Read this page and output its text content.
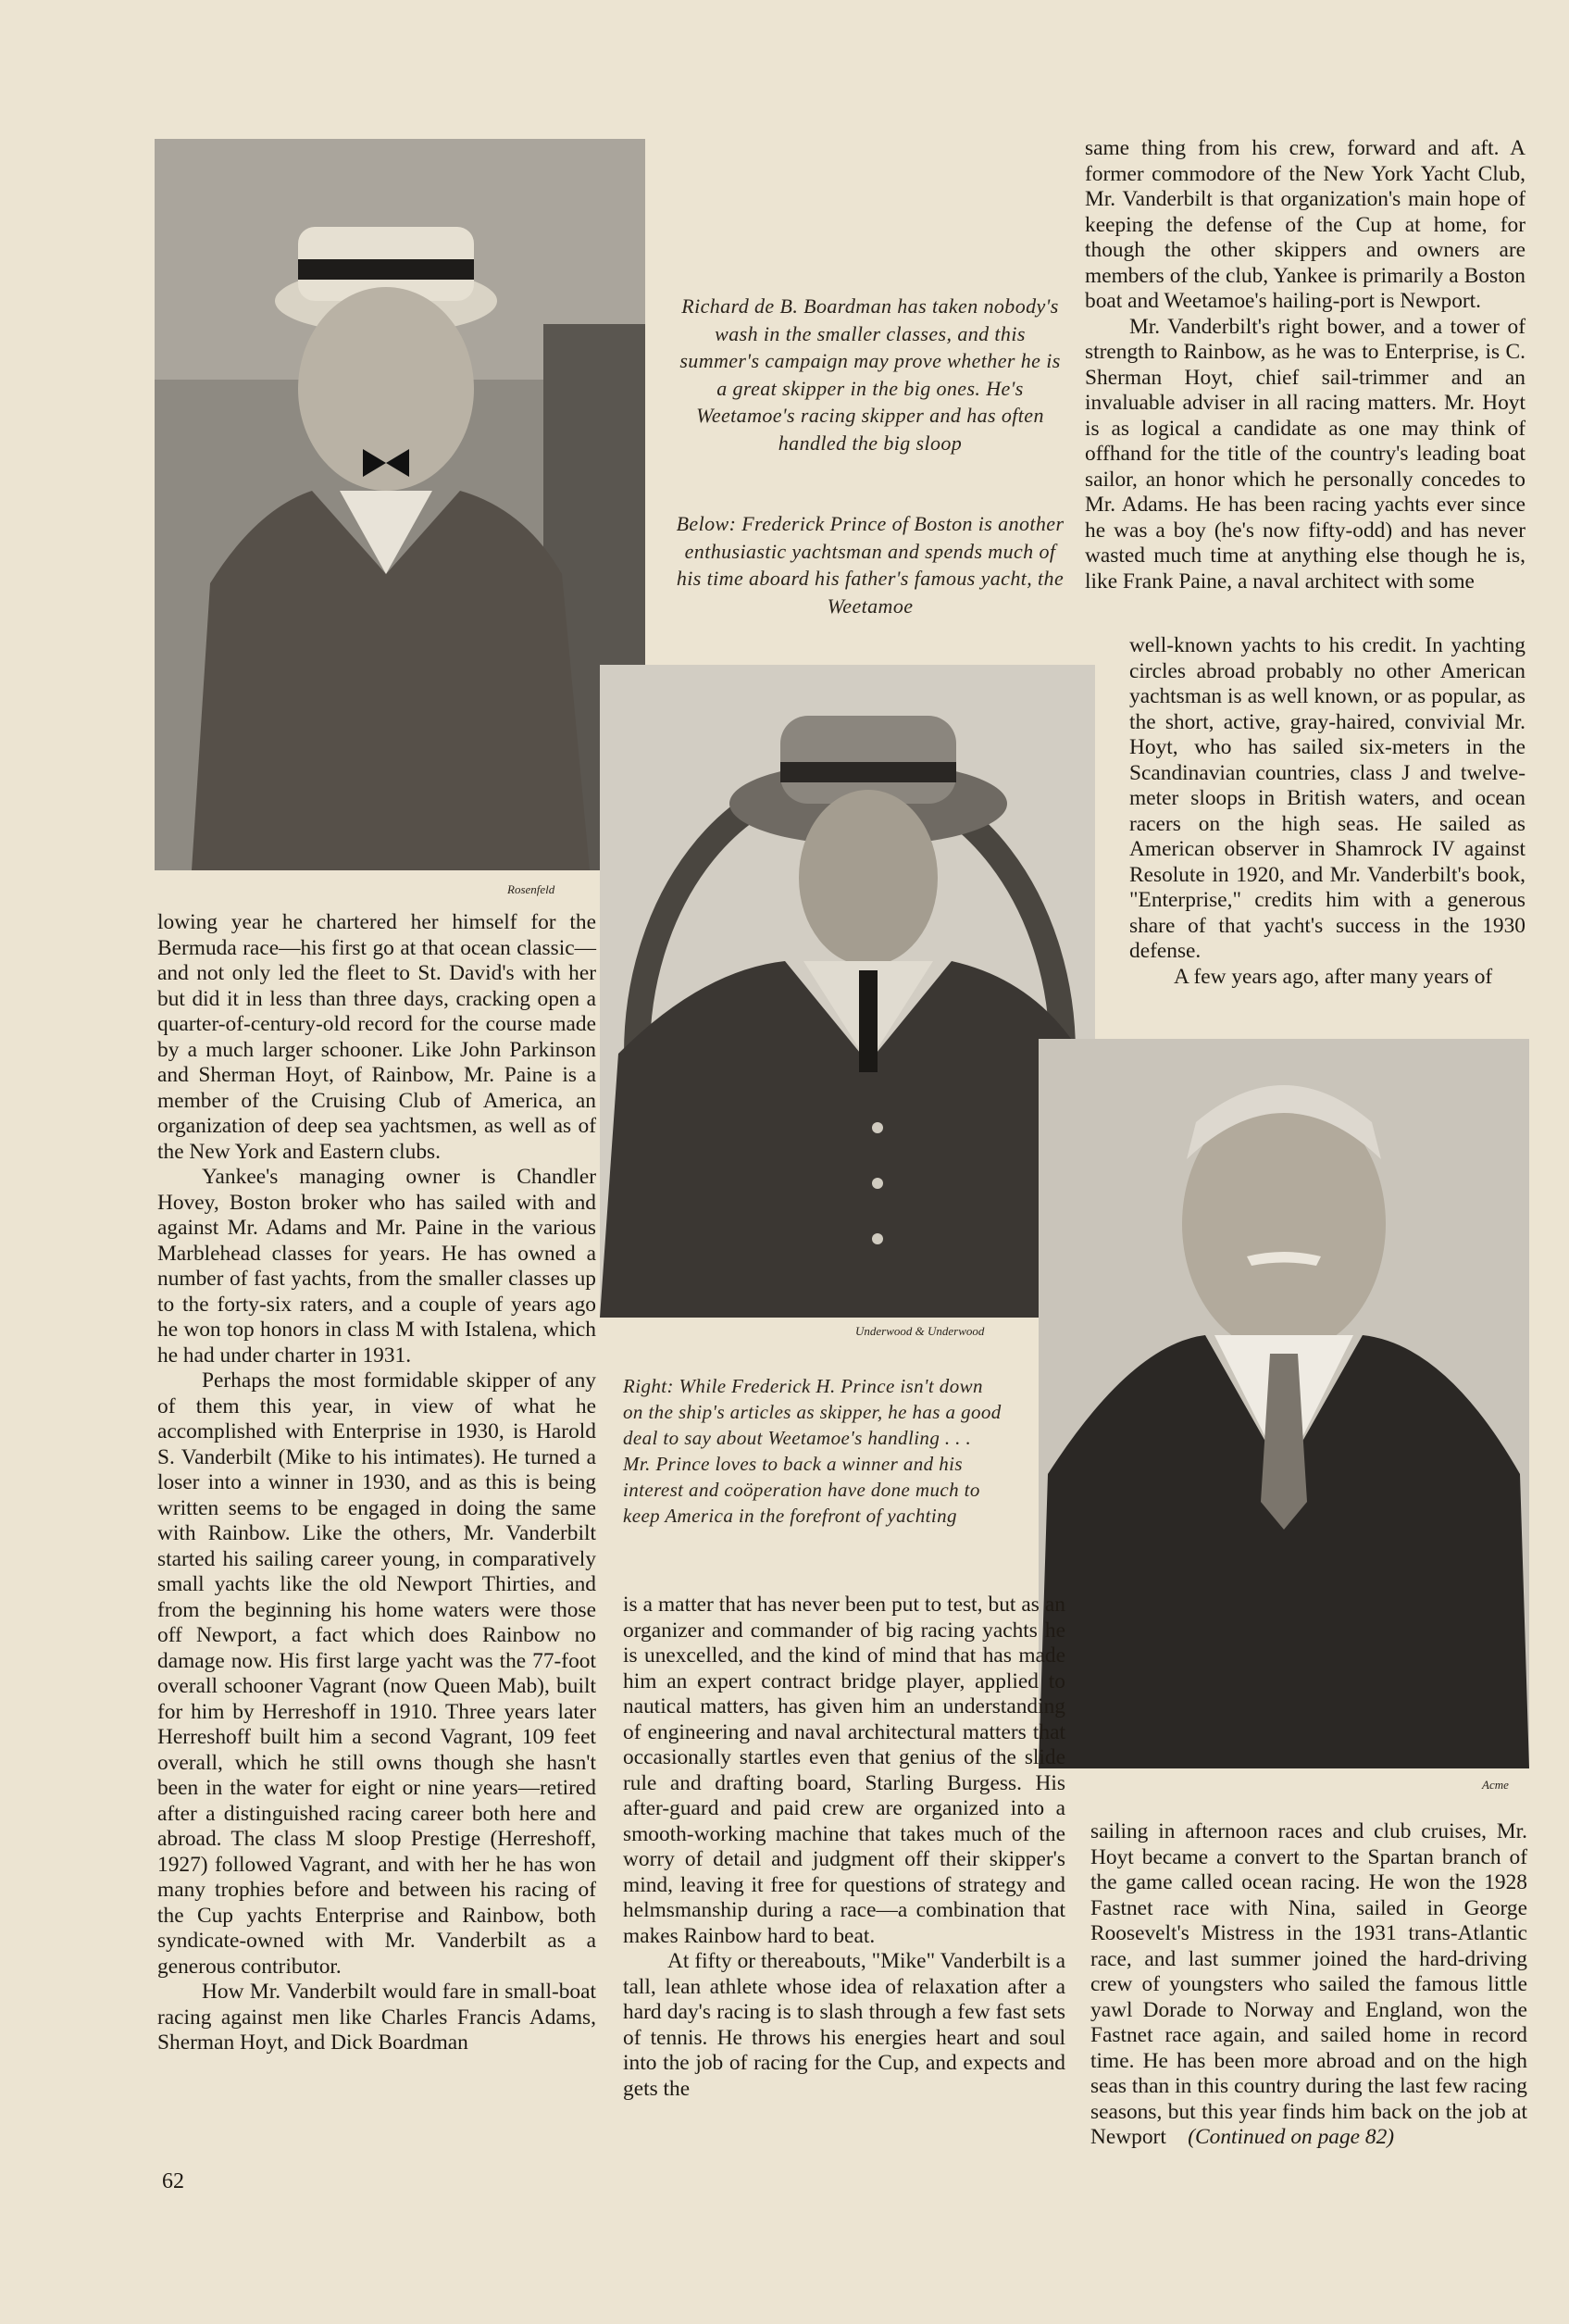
Rosenfeld
Richard de B. Boardman has taken nobody's wash in the smaller classes, and this summer's campaign may prove whether he is a great skipper in the big ones. He's Weetamoe's racing skipper and has often handled the big sloop
Below: Frederick Prince of Boston is another enthusiastic yachtsman and spends much of his time aboard his father's famous yacht, the Weetamoe
Underwood & Underwood
Right: While Frederick H. Prince isn't down on the ship's articles as skipper, he has a good deal to say about Weetamoe's handling . . . Mr. Prince loves to back a winner and his interest and coöperation have done much to keep America in the forefront of yachting
Acme

lowing year he chartered her himself for the Bermuda race—his first go at that ocean classic—and not only led the fleet to St. David's with her but did it in less than three days, cracking open a quarter-of-century-old record for the course made by a much larger schooner. Like John Parkinson and Sherman Hoyt, of Rainbow, Mr. Paine is a member of the Cruising Club of America, an organization of deep sea yachtsmen, as well as of the New York and Eastern clubs.

Yankee's managing owner is Chandler Hovey, Boston broker who has sailed with and against Mr. Adams and Mr. Paine in the various Marblehead classes for years. He has owned a number of fast yachts, from the smaller classes up to the forty-six raters, and a couple of years ago he won top honors in class M with Istalena, which he had under charter in 1931.

Perhaps the most formidable skipper of any of them this year, in view of what he accomplished with Enterprise in 1930, is Harold S. Vanderbilt (Mike to his intimates). He turned a loser into a winner in 1930, and as this is being written seems to be engaged in doing the same with Rainbow. Like the others, Mr. Vanderbilt started his sailing career young, in comparatively small yachts like the old Newport Thirties, and from the beginning his home waters were those off Newport, a fact which does Rainbow no damage now. His first large yacht was the 77-foot overall schooner Vagrant (now Queen Mab), built for him by Herreshoff in 1910. Three years later Herreshoff built him a second Vagrant, 109 feet overall, which he still owns though she hasn't been in the water for eight or nine years—retired after a distinguished racing career both here and abroad. The class M sloop Prestige (Herreshoff, 1927) followed Vagrant, and with her he has won many trophies before and between his racing of the Cup yachts Enterprise and Rainbow, both syndicate-owned with Mr. Vanderbilt as a generous contributor.

How Mr. Vanderbilt would fare in small-boat racing against men like Charles Francis Adams, Sherman Hoyt, and Dick Boardman

is a matter that has never been put to test, but as an organizer and commander of big racing yachts he is unexcelled, and the kind of mind that has made him an expert contract bridge player, applied to nautical matters, has given him an understanding of engineering and naval architectural matters that occasionally startles even that genius of the slide rule and drafting board, Starling Burgess. His after-guard and paid crew are organized into a smooth-working machine that takes much of the worry of detail and judgment off their skipper's mind, leaving it free for questions of strategy and helmsmanship during a race—a combination that makes Rainbow hard to beat.

At fifty or thereabouts, "Mike" Vanderbilt is a tall, lean athlete whose idea of relaxation after a hard day's racing is to slash through a few fast sets of tennis. He throws his energies heart and soul into the job of racing for the Cup, and expects and gets the

same thing from his crew, forward and aft. A former commodore of the New York Yacht Club, Mr. Vanderbilt is that organization's main hope of keeping the defense of the Cup at home, for though the other skippers and owners are members of the club, Yankee is primarily a Boston boat and Weetamoe's hailing-port is Newport.

Mr. Vanderbilt's right bower, and a tower of strength to Rainbow, as he was to Enterprise, is C. Sherman Hoyt, chief sail-trimmer and an invaluable adviser in all racing matters. Mr. Hoyt is as logical a candidate as one may think of offhand for the title of the country's leading boat sailor, an honor which he personally concedes to Mr. Adams. He has been racing yachts ever since he was a boy (he's now fifty-odd) and has never wasted much time at anything else though he is, like Frank Paine, a naval architect with some

well-known yachts to his credit. In yachting circles abroad probably no other American yachtsman is as well known, or as popular, as the short, active, gray-haired, convivial Mr. Hoyt, who has sailed six-meters in the Scandinavian countries, class J and twelve-meter sloops in British waters, and ocean racers on the high seas. He sailed as American observer in Shamrock IV against Resolute in 1920, and Mr. Vanderbilt's book, "Enterprise," credits him with a generous share of that yacht's success in the 1930 defense.

A few years ago, after many years of

sailing in afternoon races and club cruises, Mr. Hoyt became a convert to the Spartan branch of the game called ocean racing. He won the 1928 Fastnet race with Nina, sailed in George Roosevelt's Mistress in the 1931 trans-Atlantic race, and last summer joined the hard-driving crew of youngsters who sailed the famous little yawl Dorade to Norway and England, won the Fastnet race again, and sailed home in record time. He has been more abroad and on the high seas than in this country during the last few racing seasons, but this year finds him back on the job at Newport (Continued on page 82)

62
